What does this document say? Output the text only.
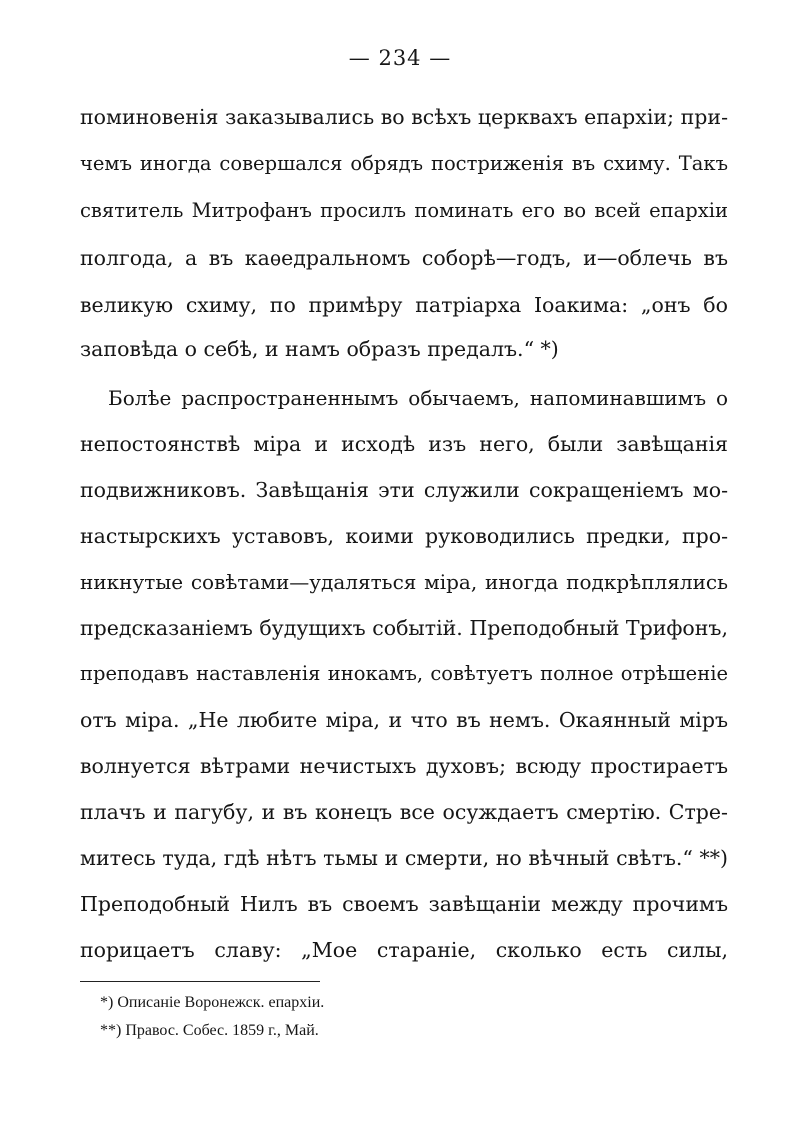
— 234 —
поминовенія заказывались во всѣхъ церквахъ епархіи; при-
чемъ иногда совершался обрядъ постриженія въ схиму. Такъ
святитель Митрофанъ просилъ поминать его во всей епархіи
полгода, а въ каѳедральномъ соборѣ—годъ, и—облечь въ
великую схиму, по примѣру патріарха Іоакима: „онъ бо
заповѣда о себѣ, и намъ образъ предалъ.“ *)
Болѣе распространеннымъ обычаемъ, напоминавшимъ о
непостоянствѣ міра и исходѣ изъ него, были завѣщанія
подвижниковъ. Завѣщанія эти служили сокращеніемъ мо-
настырскихъ уставовъ, коими руководились предки, про-
никнутые совѣтами—удаляться міра, иногда подкрѣплялись
предсказаніемъ будущихъ событій. Преподобный Трифонъ,
преподавъ наставленія инокамъ, совѣтуетъ полное отрѣшеніе
отъ міра. „Не любите міра, и что въ немъ. Окаянный міръ
волнуется вѣтрами нечистыхъ духовъ; всюду простираетъ
плачъ и пагубу, и въ конецъ все осуждаетъ смертію. Стре-
митесь туда, гдѣ нѣтъ тьмы и смерти, но вѣчный свѣтъ.“ **)
Преподобный Нилъ въ своемъ завѣщаніи между прочимъ
порицаетъ славу: „Мое стараніе, сколько есть силы,
*) Описаніе Воронежск. епархіи.
**) Правос. Собес. 1859 г., Май.
